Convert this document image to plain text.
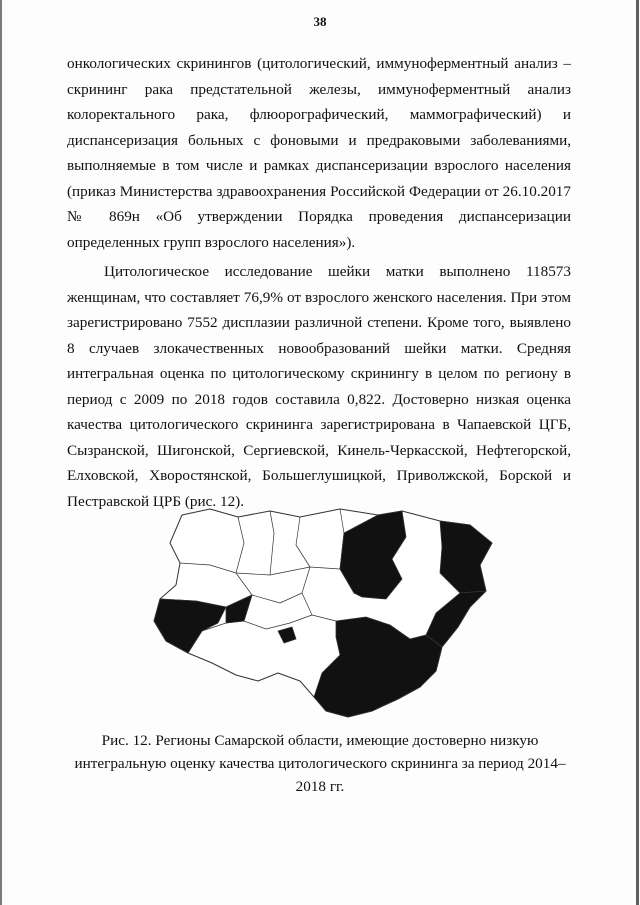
38
онкологических скринингов (цитологический, иммуноферментный анализ –
скрининг рака предстательной железы, иммуноферментный анализ
колоректального рака, флюорографический, маммографический) и
диспансеризация больных с фоновыми и предраковыми заболеваниями,
выполняемые в том числе и рамках диспансеризации взрослого населения
(приказ Министерства здравоохранения Российской Федерации от 26.10.2017
№ 869н «Об утверждении Порядка проведения диспансеризации
определенных групп взрослого населения»).
Цитологическое исследование шейки матки выполнено 118573
женщинам, что составляет 76,9% от взрослого женского населения. При этом
зарегистрировано 7552 дисплазии различной степени. Кроме того, выявлено
8 случаев злокачественных новообразований шейки матки. Средняя
интегральная оценка по цитологическому скринингу в целом по региону в
период с 2009 по 2018 годов составила 0,822. Достоверно низкая оценка
качества цитологического скрининга зарегистрирована в Чапаевской ЦГБ,
Сызранской, Шигонской, Сергиевской, Кинель-Черкасской, Нефтегорской,
Елховской, Хворостянской, Большеглушицкой, Приволжской, Борской и
Пестравской ЦРБ (рис. 12).
Рис. 12. Регионы Самарской области, имеющие достоверно низкую
интегральную оценку качества цитологического скрининга за период 2014–
2018 гг.
